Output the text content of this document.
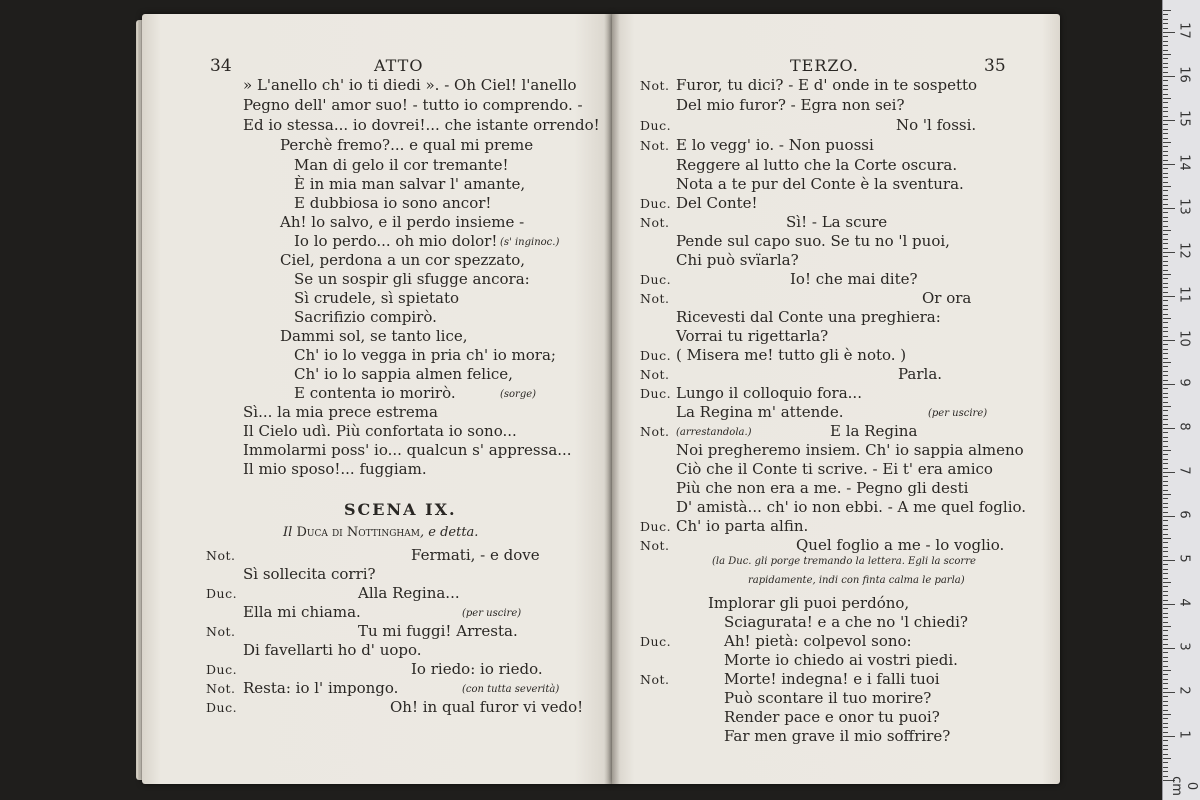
34	ATTO
» L'anello ch' io ti diedi ». - Oh Ciel! l'anello
Pegno dell' amor suo! - tutto io comprendo. -
Ed io stessa... io dovrei!... che istante orrendo!
Perchè fremo?... e qual mi preme
Man di gelo il cor tremante!
È in mia man salvar l' amante,
E dubbiosa io sono ancor!
Ah! lo salvo, e il perdo insieme -
Io lo perdo... oh mio dolor! (s' inginoc.)
Ciel, perdona a un cor spezzato,
Se un sospir gli sfugge ancora:
Sì crudele, sì spietato
Sacrifizio compirò.
Dammi sol, se tanto lice,
Ch' io lo vegga in pria ch' io mora;
Ch' io lo sappia almen felice,
E contenta io morirò.	(sorge)
Sì... la mia prece estrema
Il Cielo udì. Più confortata io sono...
Immolarmi poss' io... qualcun s' appressa...
Il mio sposo!... fuggiam.
SCENA IX.
Il Duca di Nottingham, e detta.
Not.	Fermati, - e dove
Sì sollecita corri?
Duc.	Alla Regina...
Ella mi chiama.	(per uscire)
Not.	Tu mi fuggi! Arresta.
Di favellarti ho d' uopo.
Duc.	Io riedo: io riedo.
Not. Resta: io l' impongo.	(con tutta severità)
Duc.	Oh! in qual furor vi vedo!
TERZO.	35
Not. Furor, tu dici? - E d' onde in te sospetto
Del mio furor? - Egra non sei?
Duc.	No 'l fossi.
Not. E lo vegg' io. - Non puossi
Reggere al lutto che la Corte oscura.
Nota a te pur del Conte è la sventura.
Duc. Del Conte!
Not.	Sì! - La scure
Pende sul capo suo. Se tu no 'l puoi,
Chi può svïarla?
Duc.	Io! che mai dite?
Not.	Or ora
Ricevesti dal Conte una preghiera:
Vorrai tu rigettarla?
Duc. ( Misera me! tutto gli è noto. )
Not.	Parla.
Duc. Lungo il colloquio fora...
La Regina m' attende.	(per uscire)
Not. (arrestandola.)	E la Regina
Noi pregheremo insiem. Ch' io sappia almeno
Ciò che il Conte ti scrive. - Ei t' era amico
Più che non era a me. - Pegno gli desti
D' amistà... ch' io non ebbi. - A me quel foglio.
Duc. Ch' io parta alfin.
Not.	Quel foglio a me - lo voglio.
(la Duc. gli porge tremando la lettera. Egli la scorre
rapidamente, indi con finta calma le parla)
Implorar gli puoi perdóno,
Sciagurata! e a che no 'l chiedi?
Duc.	Ah! pietà: colpevol sono:
Morte io chiedo ai vostri piedi.
Not.	Morte! indegna! e i falli tuoi
Può scontare il tuo morire?
Render pace e onor tu puoi?
Far men grave il mio soffrire?
0 cm
1
2
3
4
5
6
7
8
9
10
11
12
13
14
15
16
17
